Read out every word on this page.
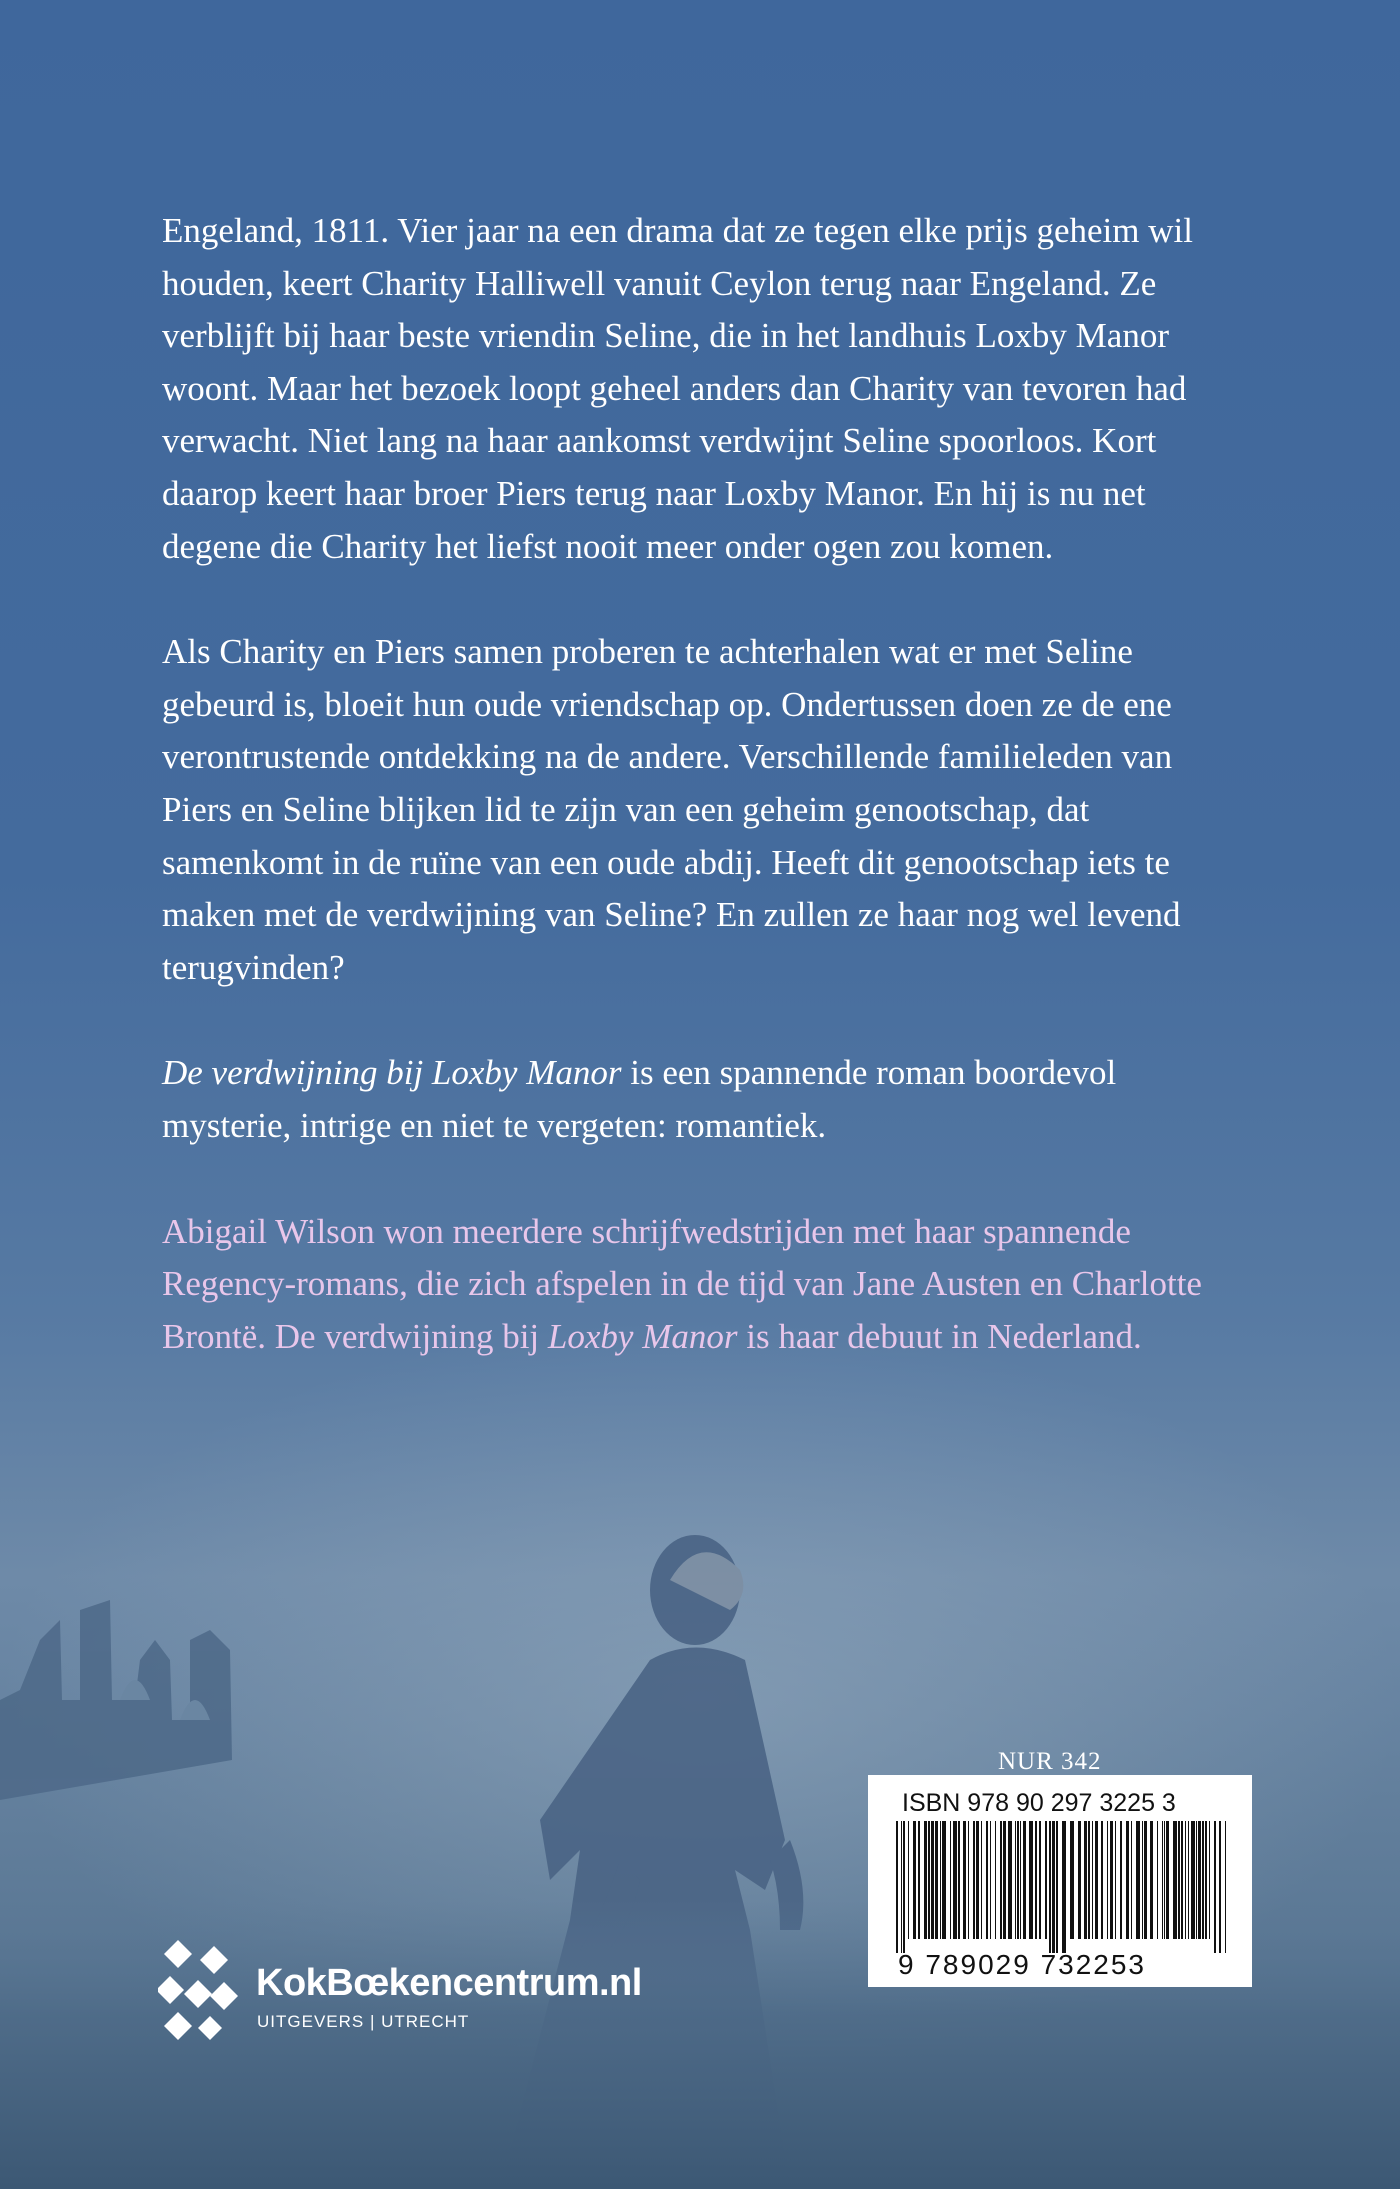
Engeland, 1811. Vier jaar na een drama dat ze tegen elke prijs geheim wil houden, keert Charity Halliwell vanuit Ceylon terug naar Engeland. Ze verblijft bij haar beste vriendin Seline, die in het landhuis Loxby Manor woont. Maar het bezoek loopt geheel anders dan Charity van tevoren had verwacht. Niet lang na haar aankomst verdwijnt Seline spoorloos. Kort daarop keert haar broer Piers terug naar Loxby Manor. En hij is nu net degene die Charity het liefst nooit meer onder ogen zou komen.

Als Charity en Piers samen proberen te achterhalen wat er met Seline gebeurd is, bloeit hun oude vriendschap op. Ondertussen doen ze de ene verontrustende ontdekking na de andere. Verschillende familieleden van Piers en Seline blijken lid te zijn van een geheim genootschap, dat samenkomt in de ruïne van een oude abdij. Heeft dit genootschap iets te maken met de verdwijning van Seline? En zullen ze haar nog wel levend terugvinden?

De verdwijning bij Loxby Manor is een spannende roman boordevol mysterie, intrige en niet te vergeten: romantiek.

Abigail Wilson won meerdere schrijfwedstrijden met haar spannende Regency-romans, die zich afspelen in de tijd van Jane Austen en Charlotte Brontë. De verdwijning bij Loxby Manor is haar debuut in Nederland.

NUR 342
ISBN 978 90 297 3225 3
9 789029 732253
KokBœkencentrum.nl
UITGEVERS | UTRECHT
